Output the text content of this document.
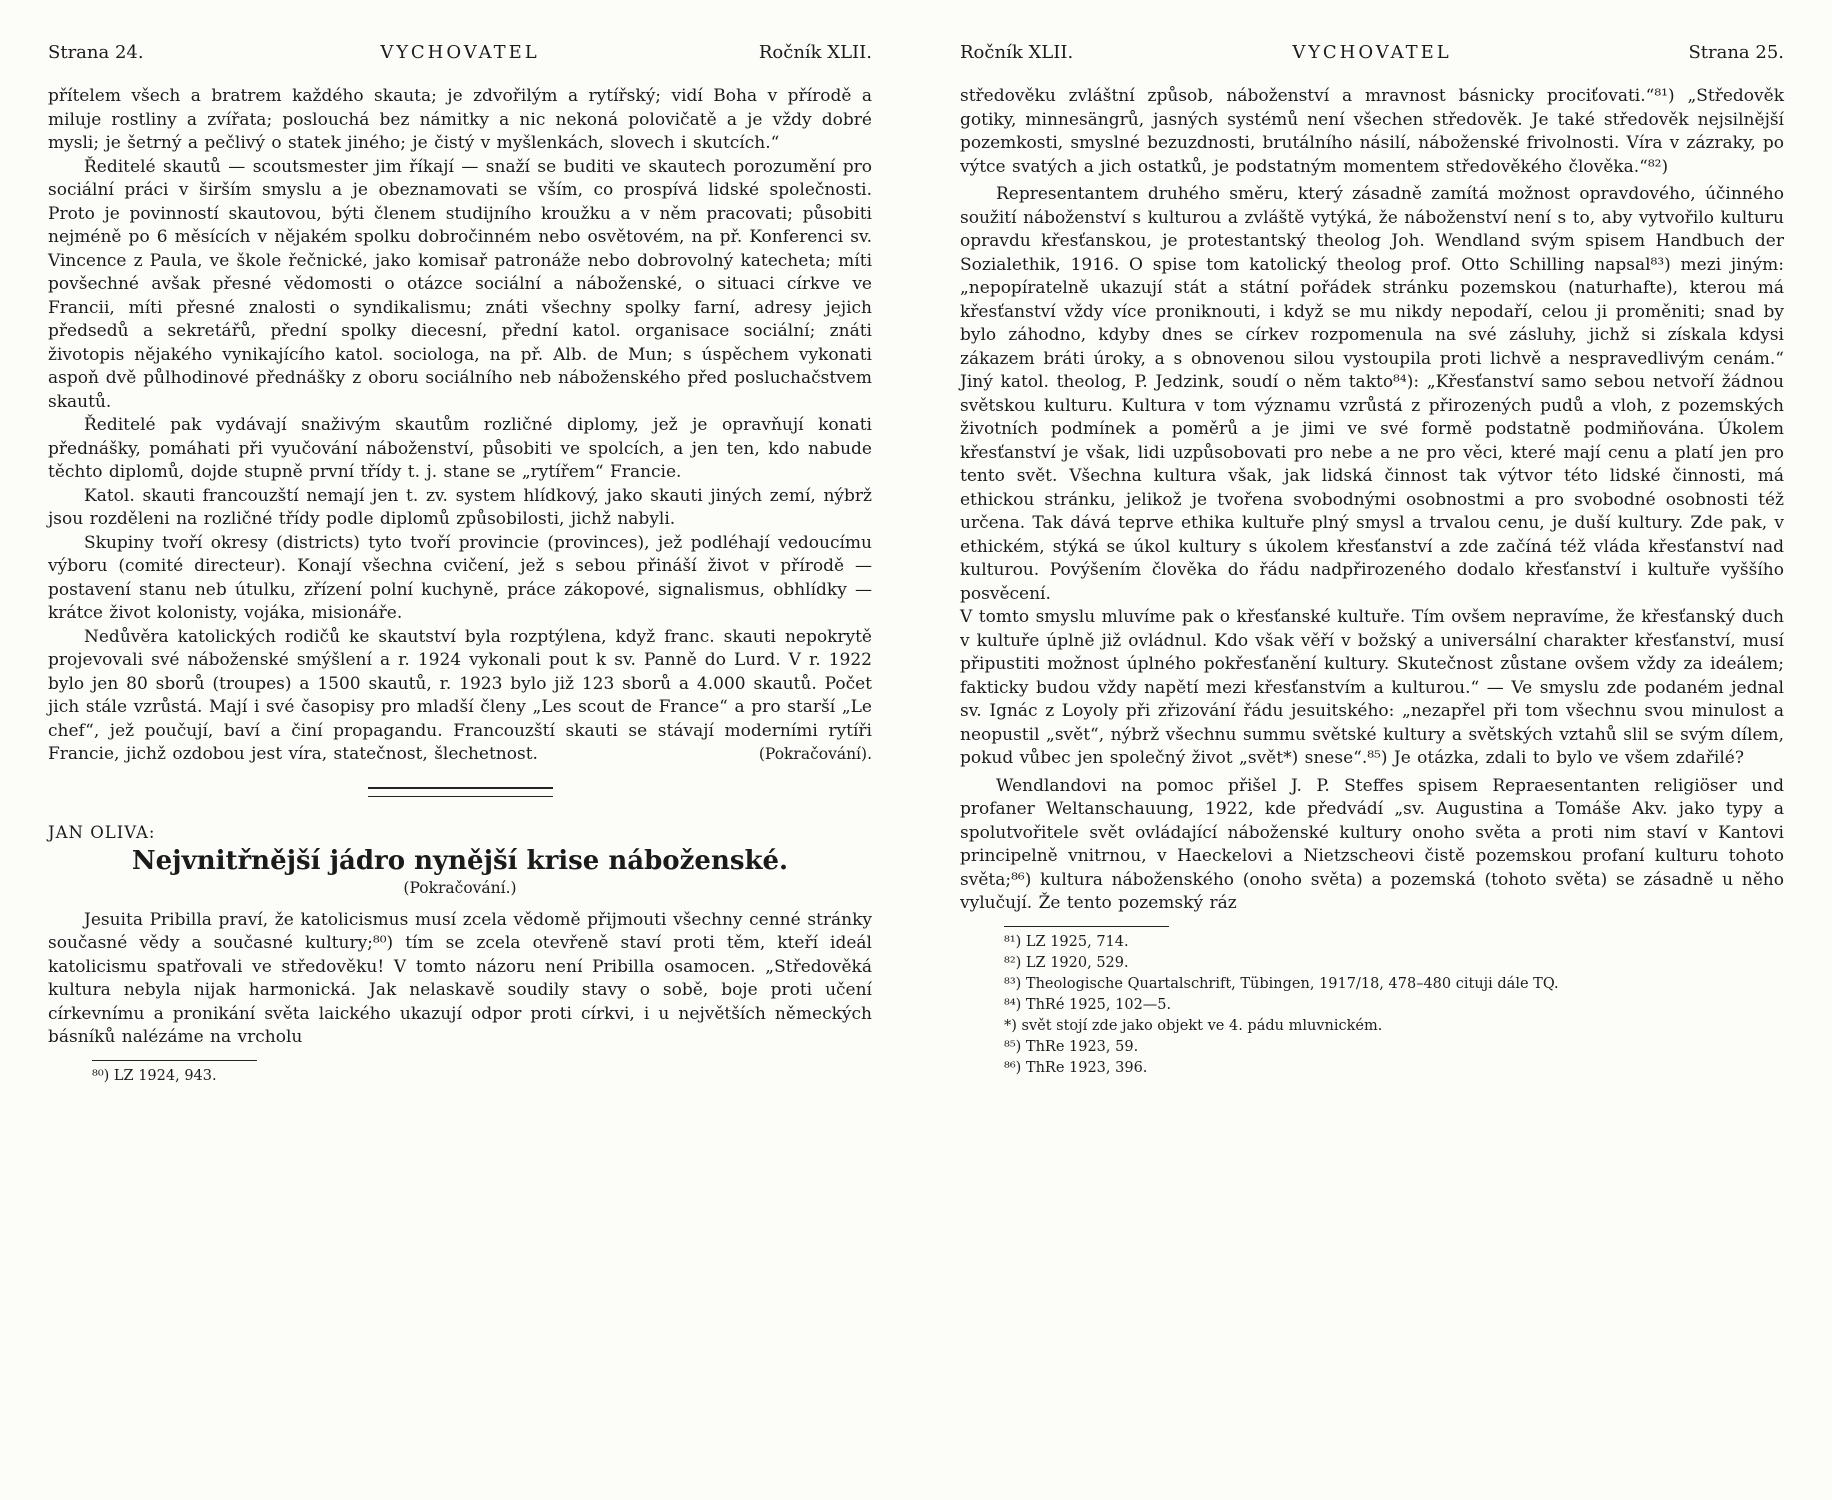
Strana 24.	VYCHOVATEL	Ročník XLII.

přítelem všech a bratrem každého skauta; je zdvořilým a rytířský; vidí Boha v přírodě a miluje rostliny a zvířata; poslouchá bez námitky a nic nekoná polovičatě a je vždy dobré mysli; je šetrný a pečlivý o statek jiného; je čistý v myšlenkách, slovech i skutcích.“

Ředitelé skautů — scoutsmester jim říkají — snaží se buditi ve skautech porozumění pro sociální práci v širším smyslu a je obeznamovati se vším, co prospívá lidské společnosti. Proto je povinností skautovou, býti členem studijního kroužku a v něm pracovati; působiti nejméně po 6 měsících v nějakém spolku dobročinném nebo osvětovém, na př. Konferenci sv. Vincence z Paula, ve škole řečnické, jako komisař patronáže nebo dobrovolný katecheta; míti povšechné avšak přesné vědomosti o otázce sociální a náboženské, o situaci církve ve Francii, míti přesné znalosti o syndikalismu; znáti všechny spolky farní, adresy jejich předsedů a sekretářů, přední spolky diecesní, přední katol. organisace sociální; znáti životopis nějakého vynikajícího katol. sociologa, na př. Alb. de Mun; s úspěchem vykonati aspoň dvě půlhodinové přednášky z oboru sociálního neb náboženského před posluchačstvem skautů.

Ředitelé pak vydávají snaživým skautům rozličné diplomy, jež je opravňují konati přednášky, pomáhati při vyučování náboženství, působiti ve spolcích, a jen ten, kdo nabude těchto diplomů, dojde stupně první třídy t. j. stane se „rytířem“ Francie.

Katol. skauti francouzští nemají jen t. zv. system hlídkový, jako skauti jiných zemí, nýbrž jsou rozděleni na rozličné třídy podle diplomů způsobilosti, jichž nabyli.

Skupiny tvoří okresy (districts) tyto tvoří provincie (provinces), jež podléhají vedoucímu výboru (comité directeur). Konají všechna cvičení, jež s sebou přináší život v přírodě — postavení stanu neb útulku, zřízení polní kuchyně, práce zákopové, signalismus, obhlídky — krátce život kolonisty, vojáka, misionáře.

Nedůvěra katolických rodičů ke skautství byla rozptýlena, když franc. skauti nepokrytě projevovali své náboženské smýšlení a r. 1924 vykonali pout k sv. Panně do Lurd. V r. 1922 bylo jen 80 sborů (troupes) a 1500 skautů, r. 1923 bylo již 123 sborů a 4.000 skautů. Počet jich stále vzrůstá. Mají i své časopisy pro mladší členy „Les scout de France“ a pro starší „Le chef“, jež poučují, baví a činí propagandu. Francouzští skauti se stávají moderními rytíři Francie, jichž ozdobou jest víra, statečnost, šlechetnost.	(Pokračování).

JAN OLIVA:
Nejvnitřnější jádro nynější krise náboženské.
(Pokračování.)

Jesuita Pribilla praví, že katolicismus musí zcela vědomě přijmouti všechny cenné stránky současné vědy a současné kultury;⁸⁰) tím se zcela otevřeně staví proti těm, kteří ideál katolicismu spatřovali ve středověku! V tomto názoru není Pribilla osamocen. „Středověká kultura nebyla nijak harmonická. Jak nelaskavě soudily stavy o sobě, boje proti učení církevnímu a pronikání světa laického ukazují odpor proti církvi, i u největších německých básníků nalézáme na vrcholu

⁸⁰) LZ 1924, 943.
Ročník XLII.	VYCHOVATEL	Strana 25.

středověku zvláštní způsob, náboženství a mravnost básnicky prociťovati.“⁸¹) „Středověk gotiky, minnesängrů, jasných systémů není všechen středověk. Je také středověk nejsilnější pozemkosti, smyslné bezuzdnosti, brutálního násilí, náboženské frivolnosti. Víra v zázraky, po výtce svatých a jich ostatků, je podstatným momentem středověkého člověka.“⁸²)

Representantem druhého směru, který zásadně zamítá možnost opravdového, účinného soužití náboženství s kulturou a zvláště vytýká, že náboženství není s to, aby vytvořilo kulturu opravdu křesťanskou, je protestantský theolog Joh. Wendland svým spisem Handbuch der Sozialethik, 1916. O spise tom katolický theolog prof. Otto Schilling napsal⁸³) mezi jiným: „nepopíratelně ukazují stát a státní pořádek stránku pozemskou (naturhafte), kterou má křesťanství vždy více proniknouti, i když se mu nikdy nepodaří, celou ji proměniti; snad by bylo záhodno, kdyby dnes se církev rozpomenula na své zásluhy, jichž si získala kdysi zákazem bráti úroky, a s obnovenou silou vystoupila proti lichvě a nespravedlivým cenám.“ Jiný katol. theolog, P. Jedzink, soudí o něm takto⁸⁴): „Křesťanství samo sebou netvoří žádnou světskou kulturu. Kultura v tom významu vzrůstá z přirozených pudů a vloh, z pozemských životních podmínek a poměrů a je jimi ve své formě podstatně podmiňována. Úkolem křesťanství je však, lidi uzpůsobovati pro nebe a ne pro věci, které mají cenu a platí jen pro tento svět. Všechna kultura však, jak lidská činnost tak výtvor této lidské činnosti, má ethickou stránku, jelikož je tvořena svobodnými osobnostmi a pro svobodné osobnosti též určena. Tak dává teprve ethika kultuře plný smysl a trvalou cenu, je duší kultury. Zde pak, v ethickém, stýká se úkol kultury s úkolem křesťanství a zde začíná též vláda křesťanství nad kulturou. Povýšením člověka do řádu nadpřirozeného dodalo křesťanství i kultuře vyššího posvěcení.

V tomto smyslu mluvíme pak o křesťanské kultuře. Tím ovšem nepravíme, že křesťanský duch v kultuře úplně již ovládnul. Kdo však věří v božský a universální charakter křesťanství, musí připustiti možnost úplného pokřesťanění kultury. Skutečnost zůstane ovšem vždy za ideálem; fakticky budou vždy napětí mezi křesťanstvím a kulturou.“ — Ve smyslu zde podaném jednal sv. Ignác z Loyoly při zřizování řádu jesuitského: „nezapřel při tom všechnu svou minulost a neopustil „svět“, nýbrž všechnu summu světské kultury a světských vztahů slil se svým dílem, pokud vůbec jen společný život „svět*) snese“.⁸⁵) Je otázka, zdali to bylo ve všem zdařilé?

Wendlandovi na pomoc přišel J. P. Steffes spisem Repraesentanten religiöser und profaner Weltanschauung, 1922, kde předvádí „sv. Augustina a Tomáše Akv. jako typy a spolutvořitele svět ovládající náboženské kultury onoho světa a proti nim staví v Kantovi principelně vnitrnou, v Haeckelovi a Nietzscheovi čistě pozemskou profaní kulturu tohoto světa;⁸⁶) kultura náboženského (onoho světa) a pozemská (tohoto světa) se zásadně u něho vylučují. Že tento pozemský ráz

⁸¹) LZ 1925, 714.
⁸²) LZ 1920, 529.
⁸³) Theologische Quartalschrift, Tübingen, 1917/18, 478–480 cituji dále TQ.
⁸⁴) ThRé 1925, 102—5.
*) svět stojí zde jako objekt ve 4. pádu mluvnickém.
⁸⁵) ThRe 1923, 59.
⁸⁶) ThRe 1923, 396.
